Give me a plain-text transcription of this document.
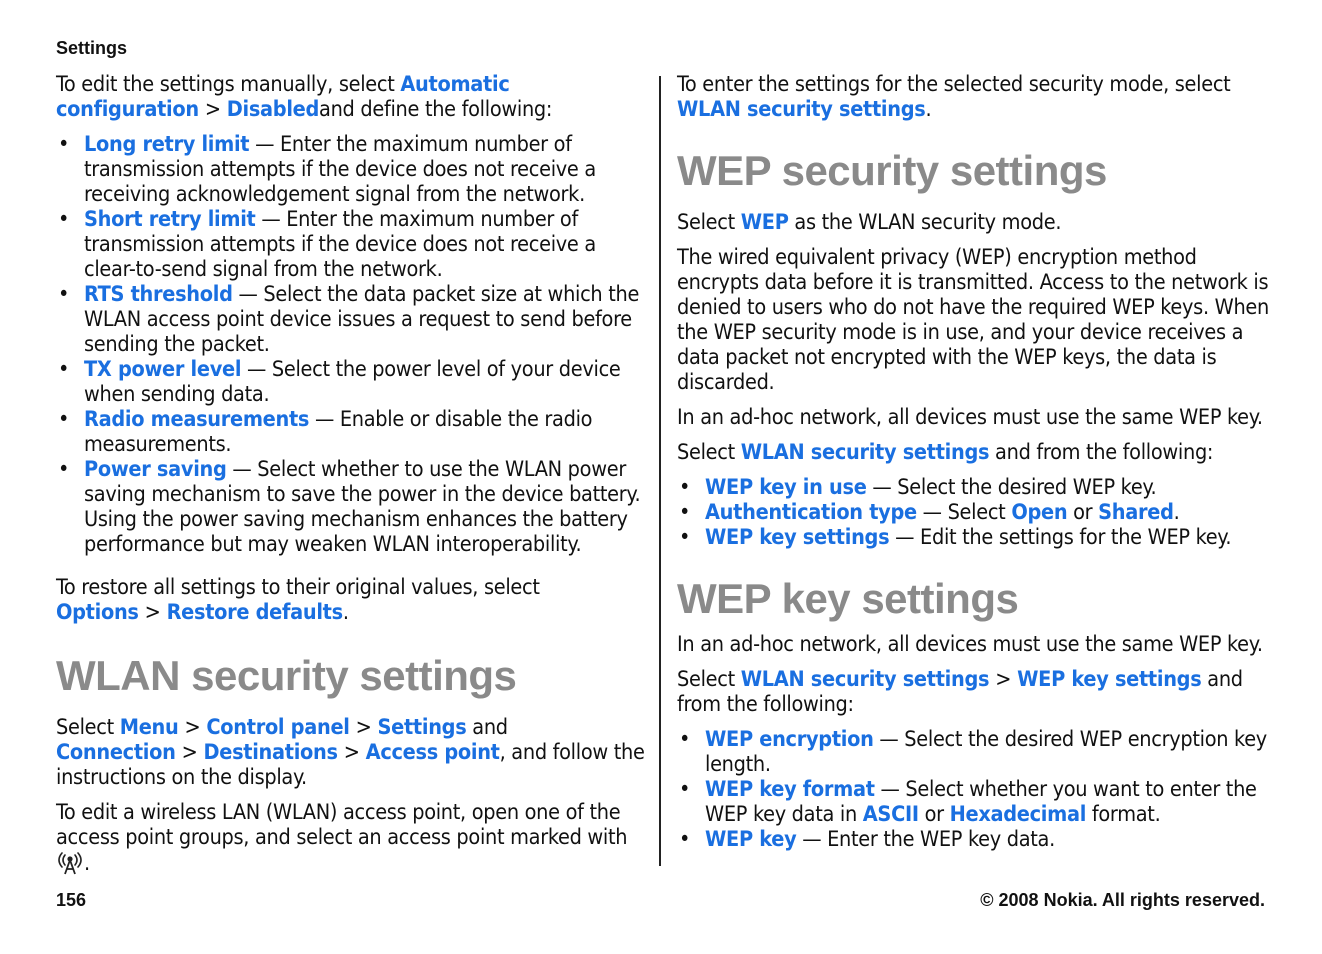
Settings

To edit the settings manually, select Automatic configuration > Disabledand define the following:

• Long retry limit — Enter the maximum number of transmission attempts if the device does not receive a receiving acknowledgement signal from the network.
• Short retry limit — Enter the maximum number of transmission attempts if the device does not receive a clear-to-send signal from the network.
• RTS threshold — Select the data packet size at which the WLAN access point device issues a request to send before sending the packet.
• TX power level — Select the power level of your device when sending data.
• Radio measurements — Enable or disable the radio measurements.
• Power saving — Select whether to use the WLAN power saving mechanism to save the power in the device battery. Using the power saving mechanism enhances the battery performance but may weaken WLAN interoperability.

To restore all settings to their original values, select Options > Restore defaults.

WLAN security settings

Select Menu > Control panel > Settings and Connection > Destinations > Access point, and follow the instructions on the display.

To edit a wireless LAN (WLAN) access point, open one of the access point groups, and select an access point marked with .

To enter the settings for the selected security mode, select WLAN security settings.

WEP security settings

Select WEP as the WLAN security mode.

The wired equivalent privacy (WEP) encryption method encrypts data before it is transmitted. Access to the network is denied to users who do not have the required WEP keys. When the WEP security mode is in use, and your device receives a data packet not encrypted with the WEP keys, the data is discarded.

In an ad-hoc network, all devices must use the same WEP key.

Select WLAN security settings and from the following:

• WEP key in use — Select the desired WEP key.
• Authentication type — Select Open or Shared.
• WEP key settings — Edit the settings for the WEP key.
WEP key settings

In an ad-hoc network, all devices must use the same WEP key.

Select WLAN security settings > WEP key settings and from the following:

• WEP encryption — Select the desired WEP encryption key length.
• WEP key format — Select whether you want to enter the WEP key data in ASCII or Hexadecimal format.
• WEP key — Enter the WEP key data.
156	© 2008 Nokia. All rights reserved.
